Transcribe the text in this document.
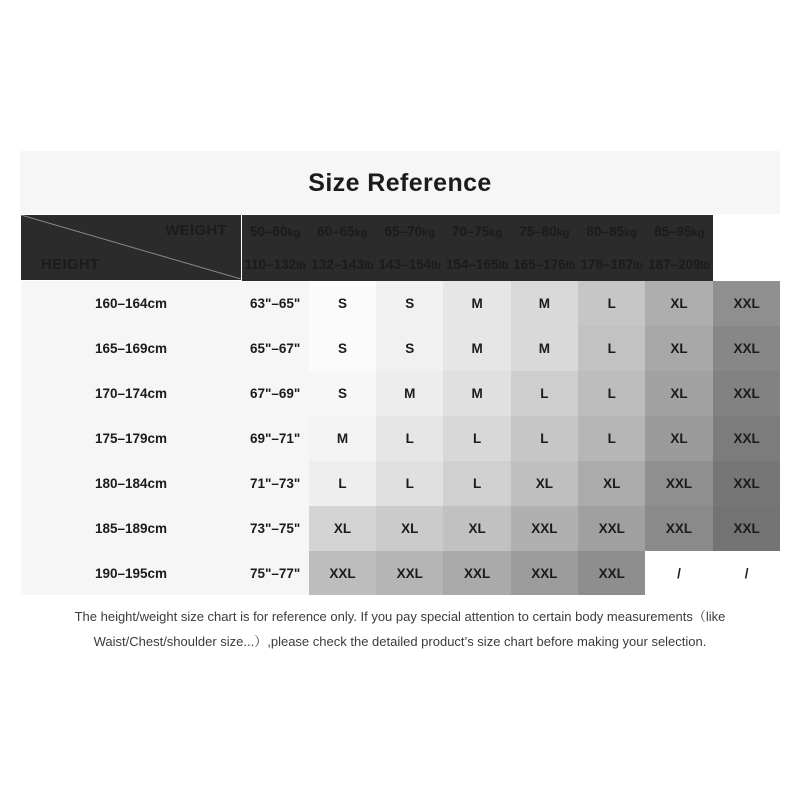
Size Reference
WEIGHT
HEIGHT	50–60kg	60–65kg	65–70kg	70–75kg	75–80kg	80–85kg	85–95kg	
	110–132lb	132–143lb	143–154lb	154–165lb	165–176lb	176–187lb	187–209lb	
160–164cm	63"–65"	S	S	M	M	L	XL	XXL
165–169cm	65"–67"	S	S	M	M	L	XL	XXL
170–174cm	67"–69"	S	M	M	L	L	XL	XXL
175–179cm	69"–71"	M	L	L	L	L	XL	XXL
180–184cm	71"–73"	L	L	L	XL	XL	XXL	XXL
185–189cm	73"–75"	XL	XL	XL	XXL	XXL	XXL	XXL
190–195cm	75"–77"	XXL	XXL	XXL	XXL	XXL	/	/
The height/weight size chart is for reference only. If you pay special attention to certain body measurements（like Waist/Chest/shoulder size...）,please check the detailed product’s size chart before making your selection.
